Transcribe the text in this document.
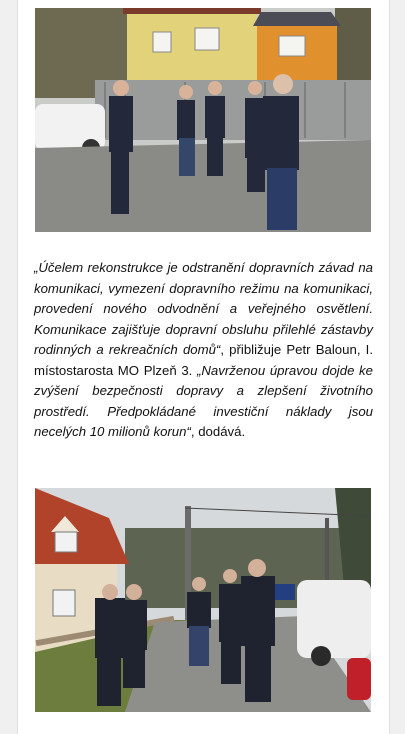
„Účelem rekonstrukce je odstranění dopravních závad na komunikaci, vymezení dopravního režimu na komunikaci, provedení nového odvodnění a veřejného osvětlení. Komunikace zajišťuje dopravní obsluhu přilehlé zástavby rodinných a rekreačních domů“, přibližuje Petr Baloun, I. místostarosta MO Plzeň 3. „Navrženou úpravou dojde ke zvýšení bezpečnosti dopravy a zlepšení životního prostředí. Předpokládané investiční náklady jsou necelých 10 milionů korun“, dodává.
